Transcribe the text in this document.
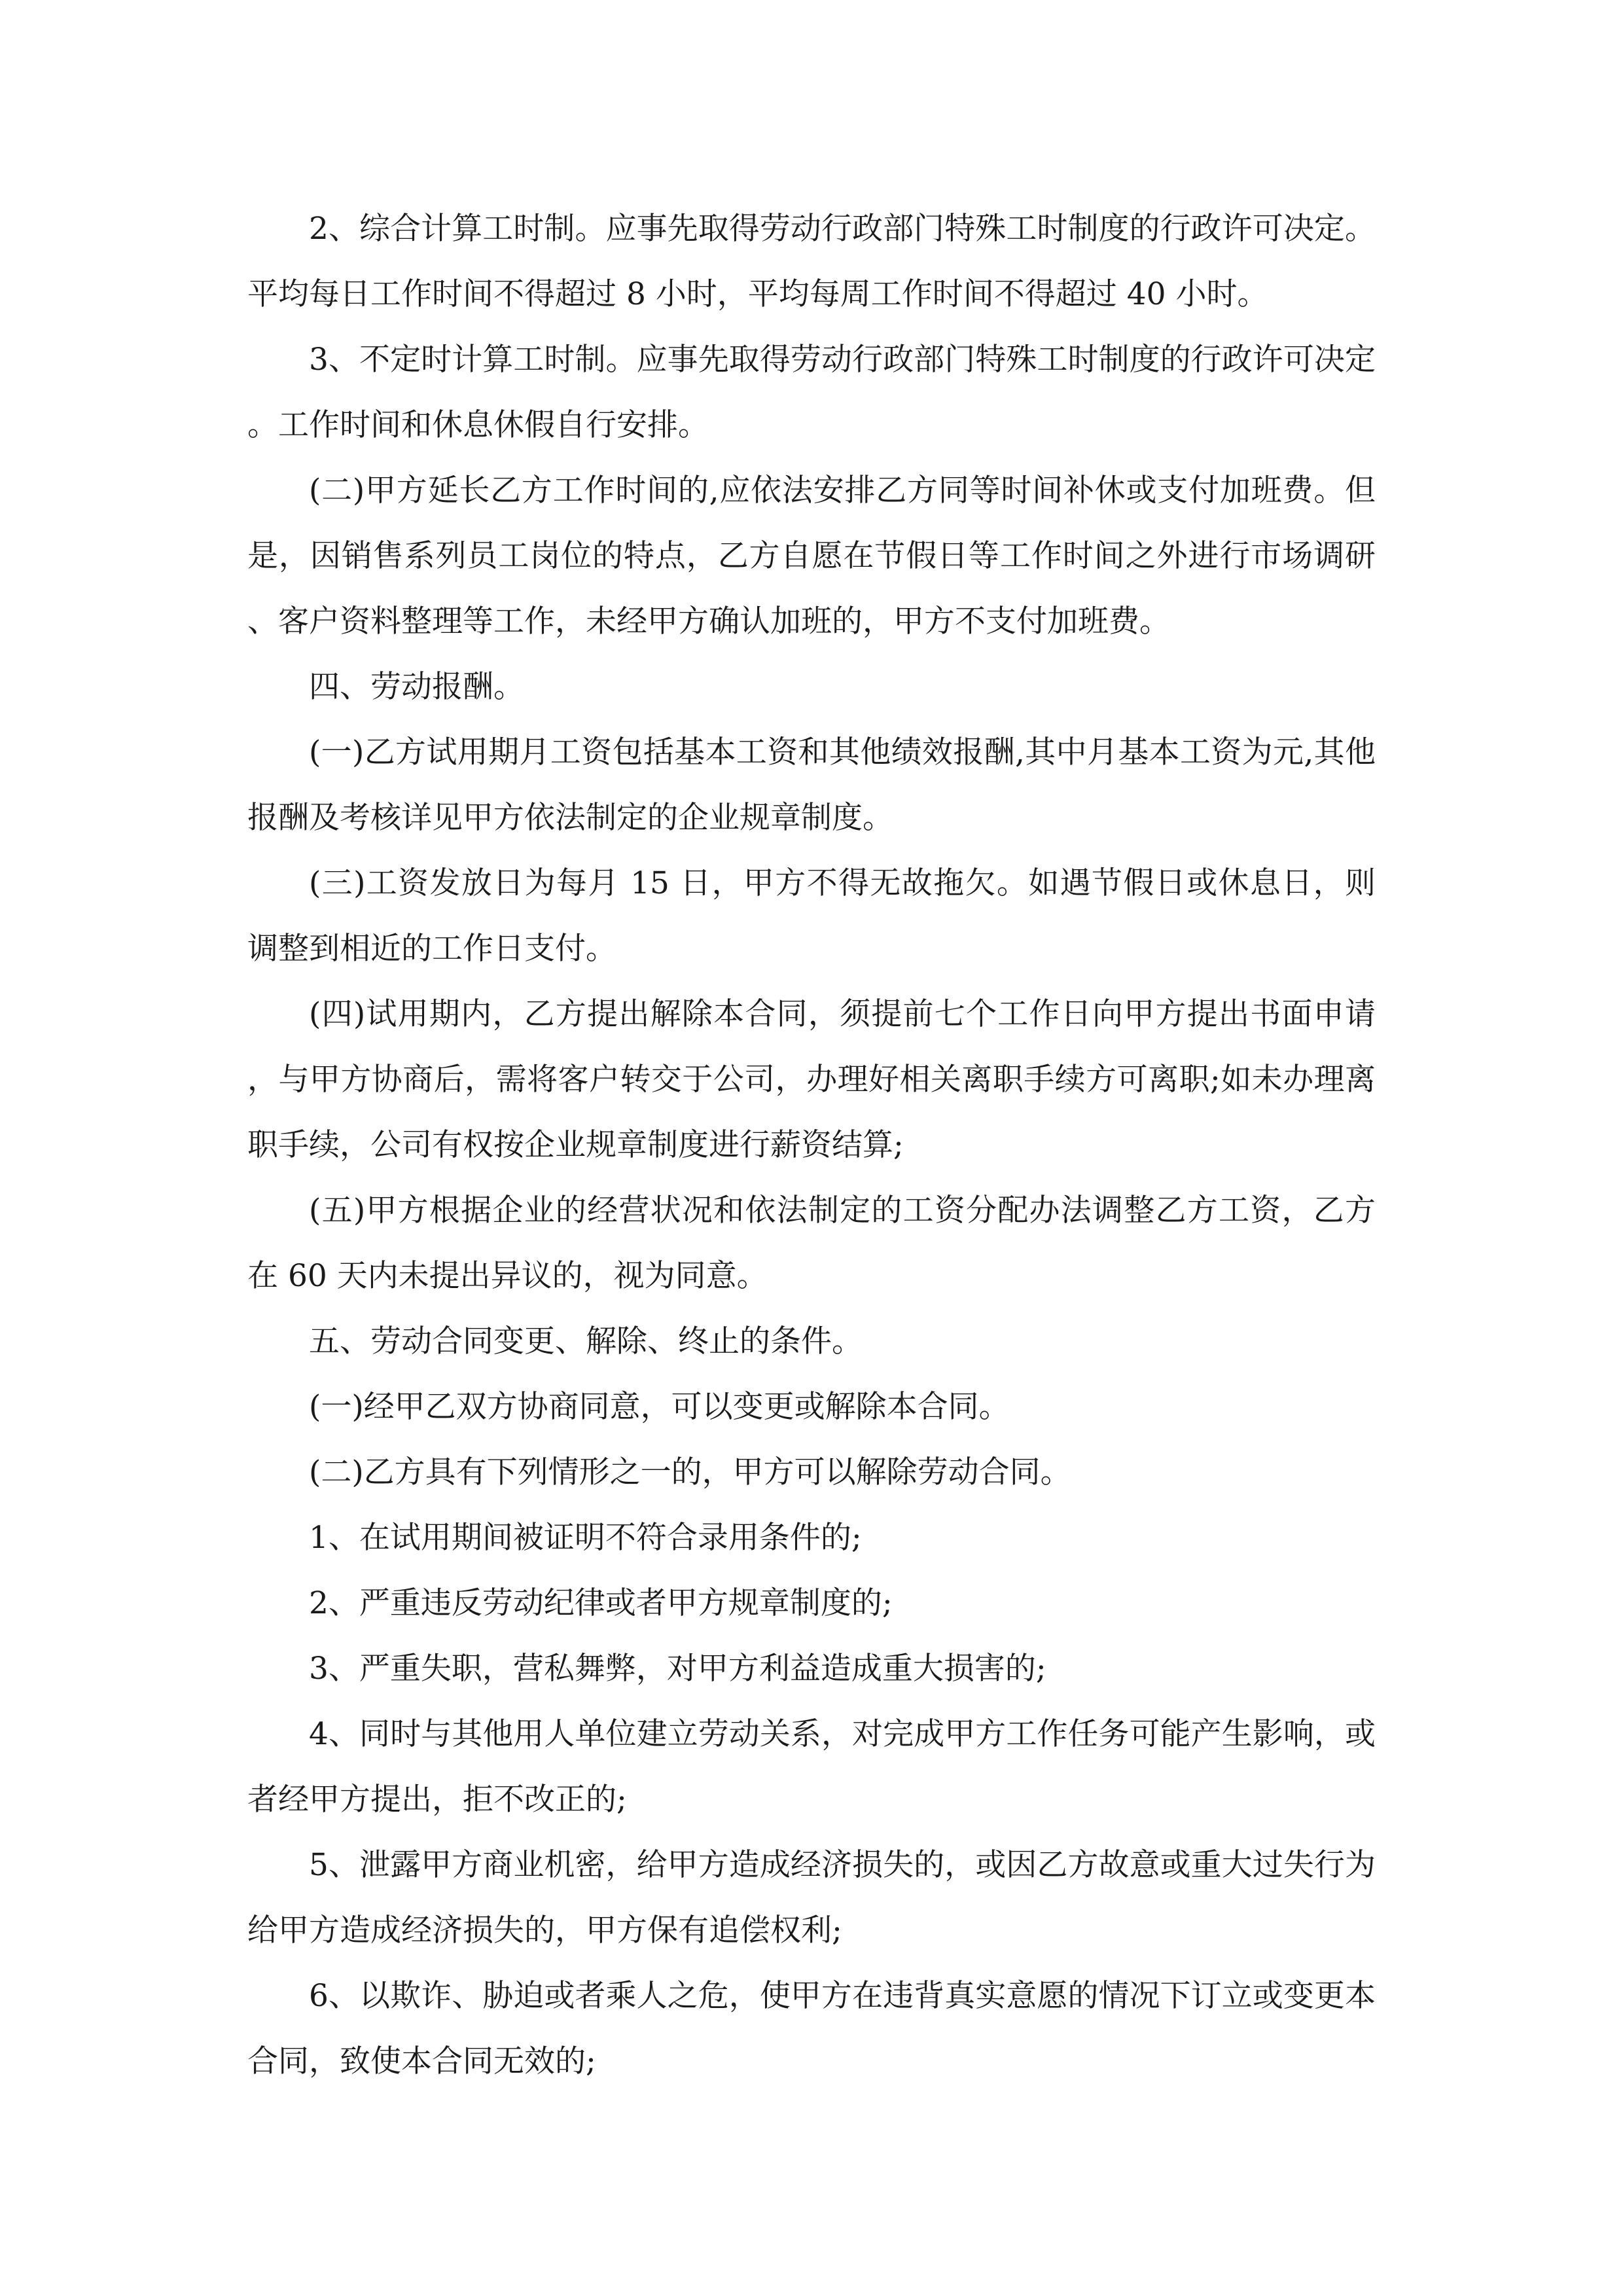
2、综合计算工时制。应事先取得劳动行政部门特殊工时制度的行政许可决定。平均每日工作时间不得超过 8 小时，平均每周工作时间不得超过 40 小时。

3、不定时计算工时制。应事先取得劳动行政部门特殊工时制度的行政许可决定。工作时间和休息休假自行安排。

(二)甲方延长乙方工作时间的,应依法安排乙方同等时间补休或支付加班费。但是，因销售系列员工岗位的特点，乙方自愿在节假日等工作时间之外进行市场调研、客户资料整理等工作，未经甲方确认加班的，甲方不支付加班费。

四、劳动报酬。

(一)乙方试用期月工资包括基本工资和其他绩效报酬,其中月基本工资为元,其他报酬及考核详见甲方依法制定的企业规章制度。

(三)工资发放日为每月 15 日，甲方不得无故拖欠。如遇节假日或休息日，则调整到相近的工作日支付。

(四)试用期内，乙方提出解除本合同，须提前七个工作日向甲方提出书面申请，与甲方协商后，需将客户转交于公司，办理好相关离职手续方可离职;如未办理离职手续，公司有权按企业规章制度进行薪资结算;

(五)甲方根据企业的经营状况和依法制定的工资分配办法调整乙方工资，乙方在 60 天内未提出异议的，视为同意。

五、劳动合同变更、解除、终止的条件。

(一)经甲乙双方协商同意，可以变更或解除本合同。

(二)乙方具有下列情形之一的，甲方可以解除劳动合同。

1、在试用期间被证明不符合录用条件的;

2、严重违反劳动纪律或者甲方规章制度的;

3、严重失职，营私舞弊，对甲方利益造成重大损害的;

4、同时与其他用人单位建立劳动关系，对完成甲方工作任务可能产生影响，或者经甲方提出，拒不改正的;

5、泄露甲方商业机密，给甲方造成经济损失的，或因乙方故意或重大过失行为给甲方造成经济损失的，甲方保有追偿权利;

6、以欺诈、胁迫或者乘人之危，使甲方在违背真实意愿的情况下订立或变更本合同，致使本合同无效的;
